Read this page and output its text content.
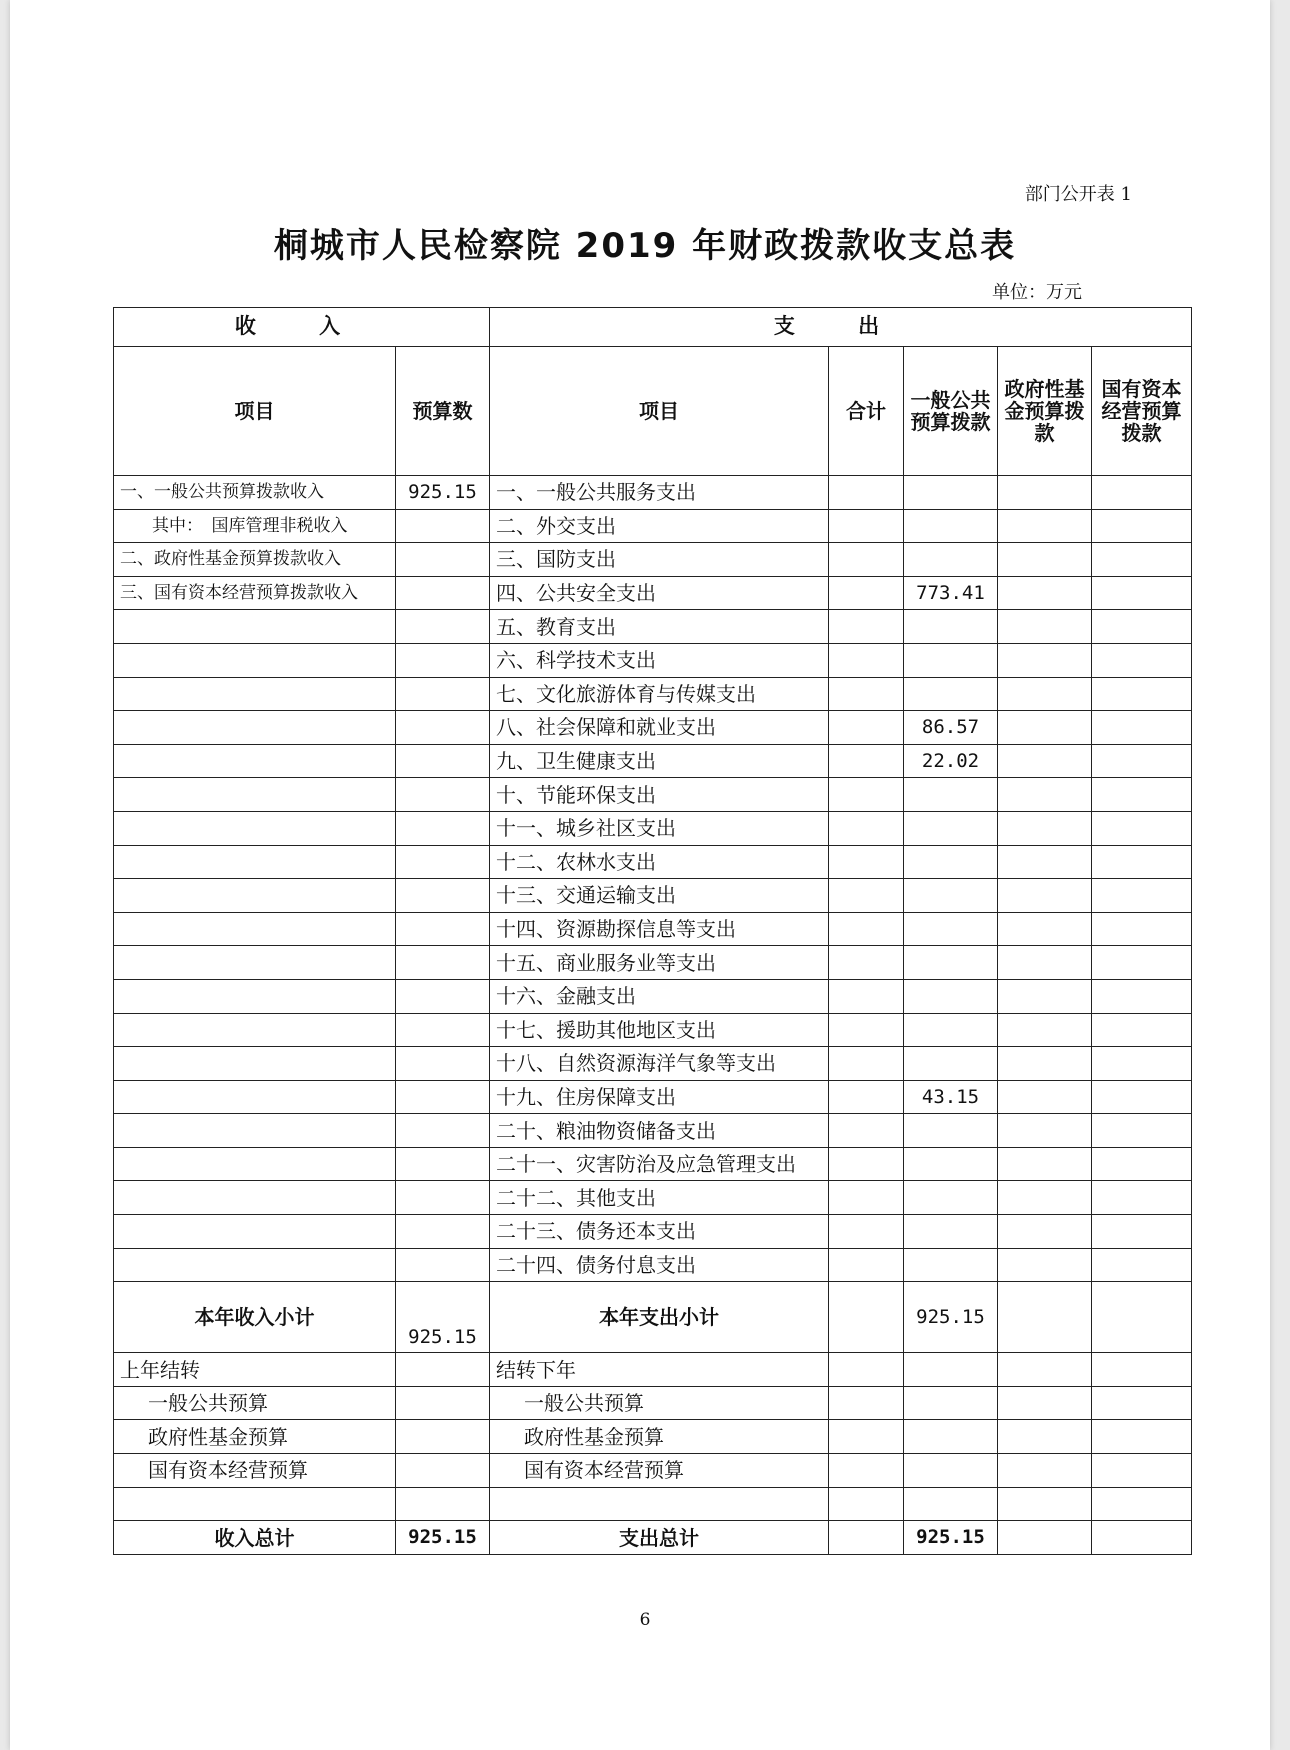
部门公开表 1
桐城市人民检察院 2019 年财政拨款收支总表
单位：万元
收 入		支 出				
项目	预算数	项目	合计	一般公共预算拨款	政府性基金预算拨款	国有资本经营预算拨款
一、一般公共预算拨款收入	925.15	一、一般公共服务支出				
其中：　国库管理非税收入		二、外交支出				
二、政府性基金预算拨款收入		三、国防支出				
三、国有资本经营预算拨款收入		四、公共安全支出		773.41		
		五、教育支出				
		六、科学技术支出				
		七、文化旅游体育与传媒支出				
		八、社会保障和就业支出		86.57		
		九、卫生健康支出		22.02		
		十、节能环保支出				
		十一、城乡社区支出				
		十二、农林水支出				
		十三、交通运输支出				
		十四、资源勘探信息等支出				
		十五、商业服务业等支出				
		十六、金融支出				
		十七、援助其他地区支出				
		十八、自然资源海洋气象等支出				
		十九、住房保障支出		43.15		
		二十、粮油物资储备支出				
		二十一、灾害防治及应急管理支出				
		二十二、其他支出				
		二十三、债务还本支出				
		二十四、债务付息支出				
本年收入小计	925.15	本年支出小计		925.15		
上年结转		结转下年				
一般公共预算		一般公共预算				
政府性基金预算		政府性基金预算				
国有资本经营预算		国有资本经营预算				

收入总计	925.15	支出总计		925.15		
6
